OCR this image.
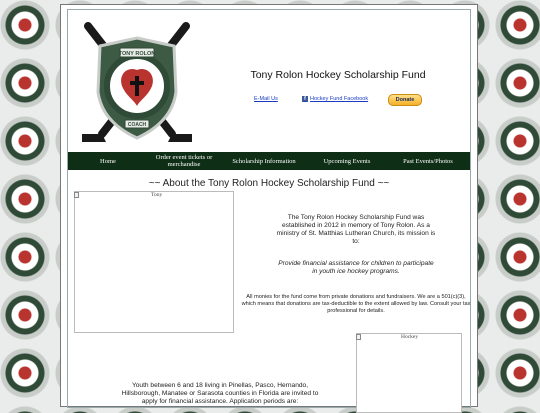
TONY ROLON
COACH
Tony Rolon Hockey Scholarship Fund
E-Mail Us	f Hockey Fund Facebook	Donate
Home	Order event tickets or merchandise	Scholarship Information	Upcoming Events	Past Events/Photos
~~ About the Tony Rolon Hockey Scholarship Fund ~~
Tony
The Tony Rolon Hockey Scholarship Fund was established in 2012 in memory of Tony Rolon. As a ministry of St. Matthias Lutheran Church, its mission is to:
Provide financial assistance for children to participate in youth ice hockey programs.
All monies for the fund come from private donations and fundraisers. We are a 501(c)(3), which means that donations are tax-deductible to the extent allowed by law. Consult your tax professional for details.
Hockey
Youth between 6 and 18 living in Pinellas, Pasco, Hernando, Hillsborough, Manatee or Sarasota counties in Florida are invited to apply for financial assistance. Application periods are:
